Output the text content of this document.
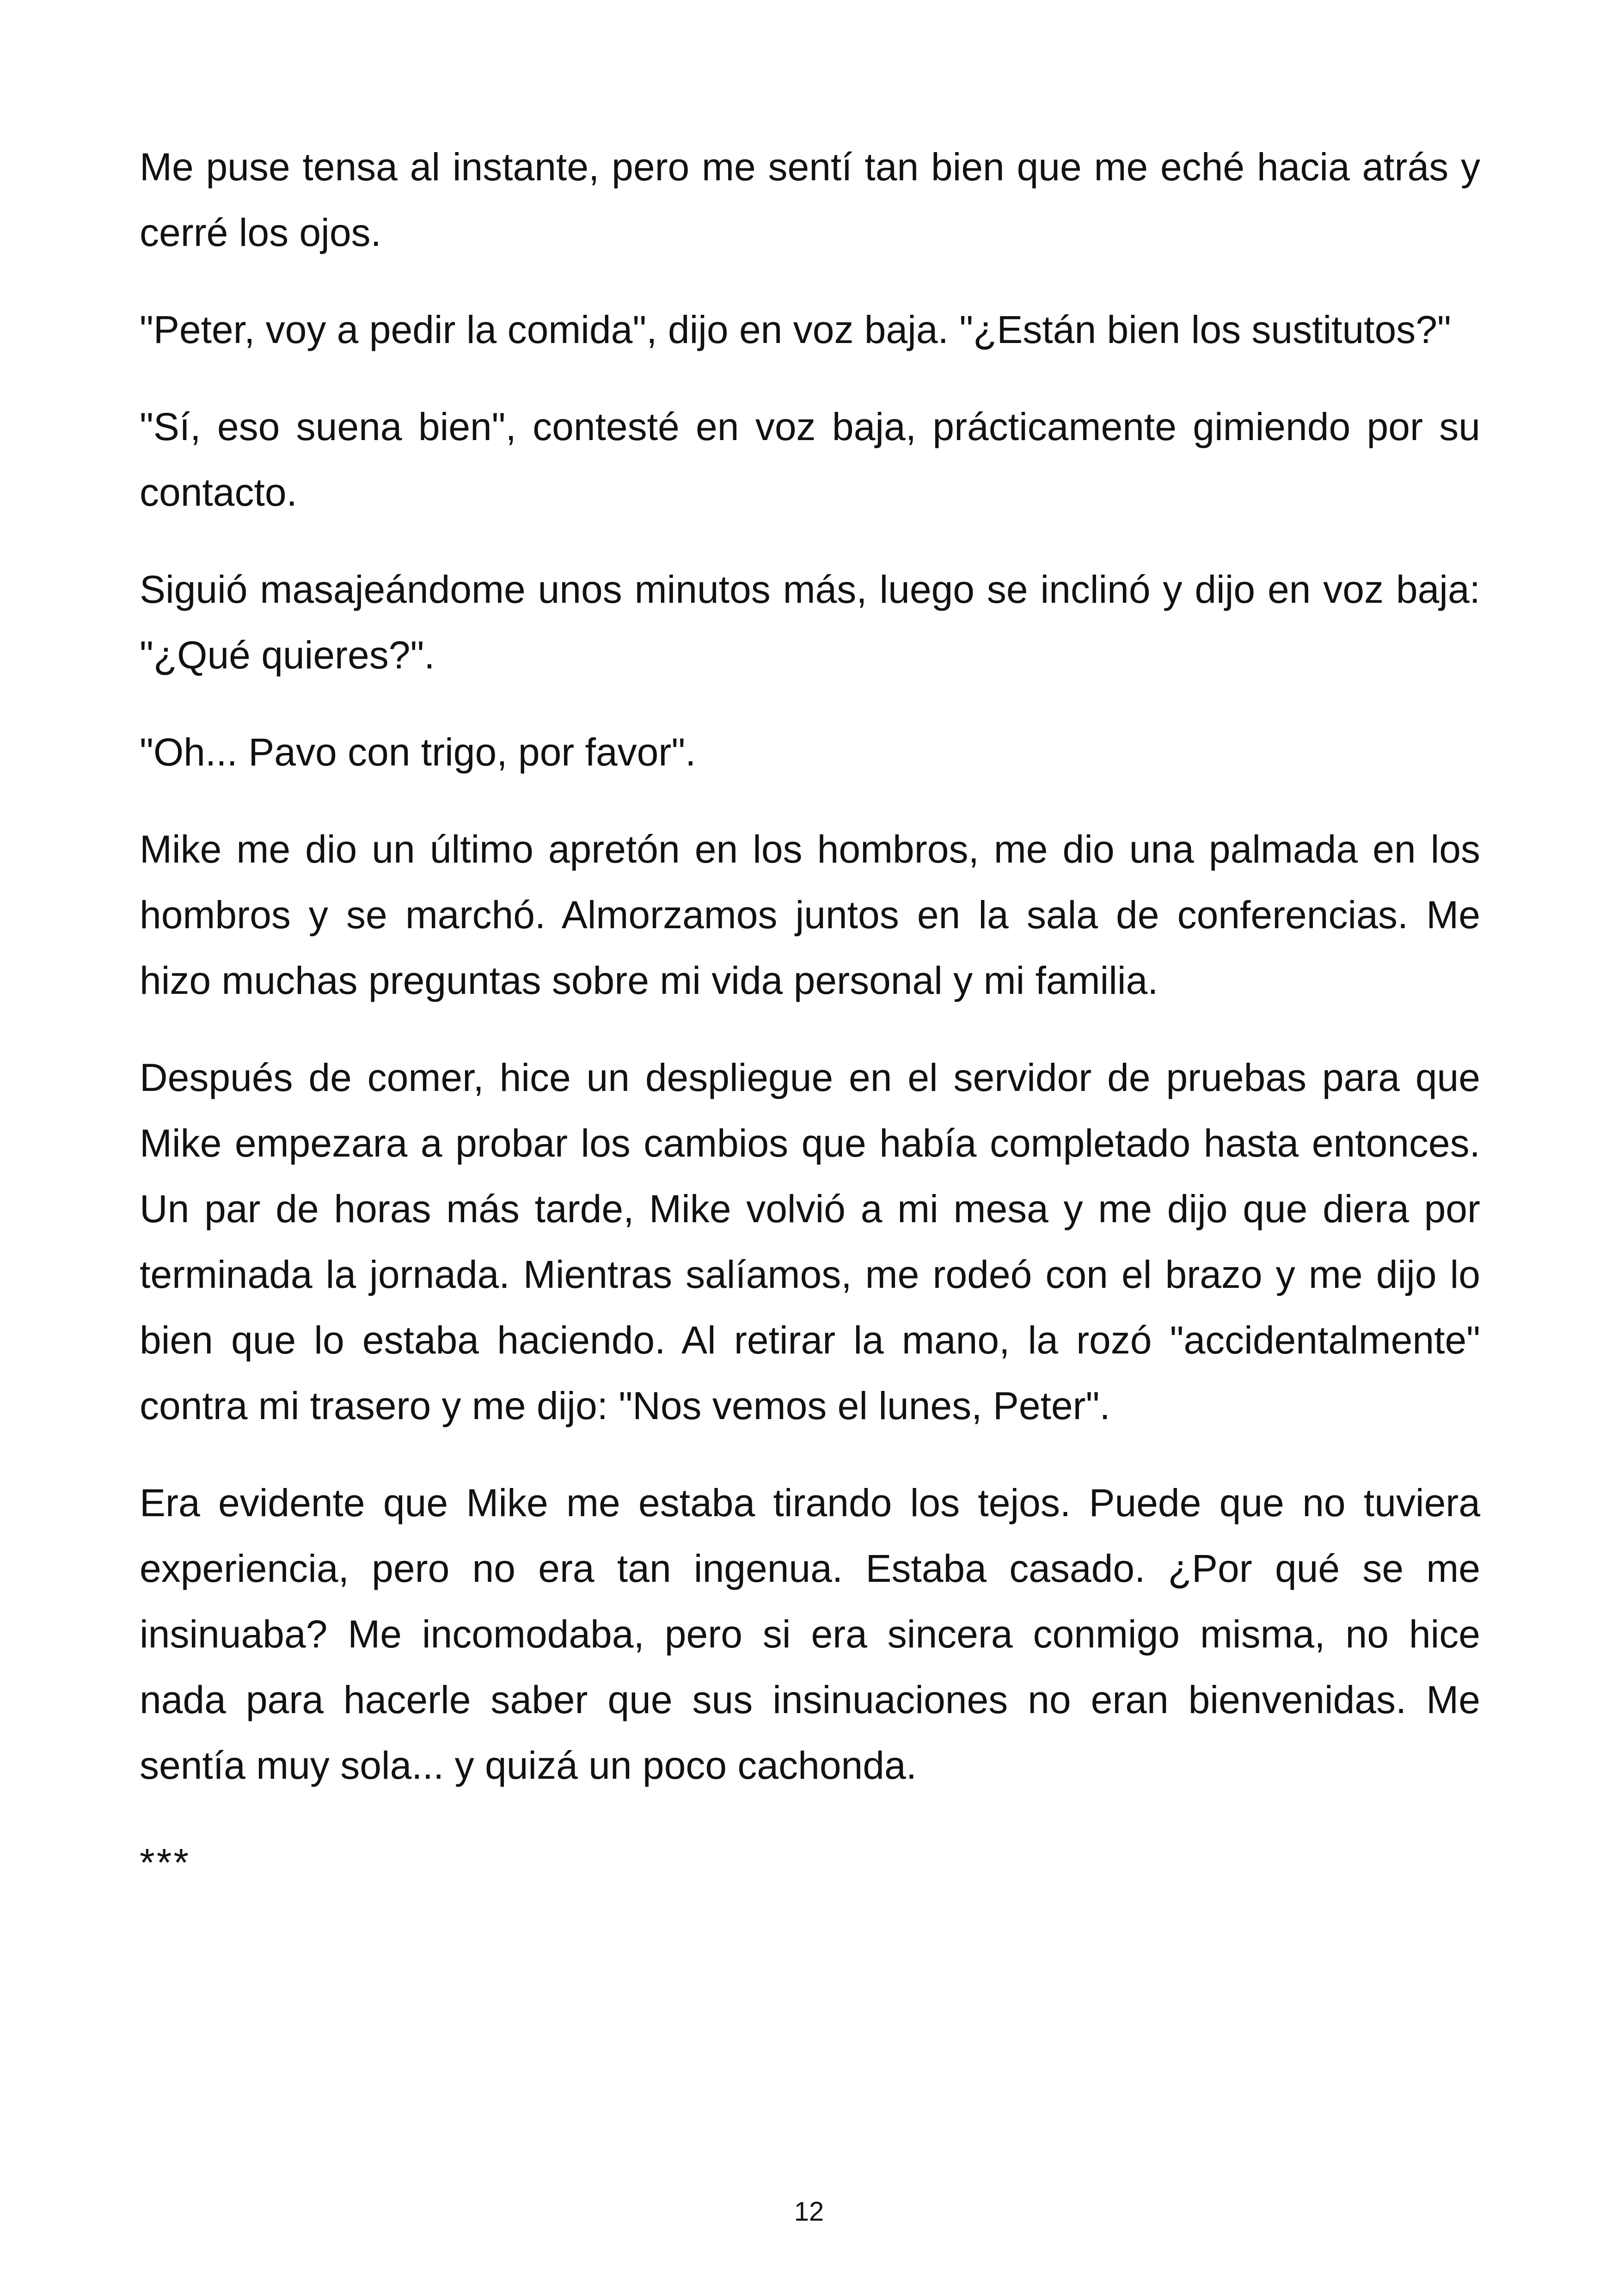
Me puse tensa al instante, pero me sentí tan bien que me eché hacia atrás y cerré los ojos.

"Peter, voy a pedir la comida", dijo en voz baja. "¿Están bien los sustitutos?"

"Sí, eso suena bien", contesté en voz baja, prácticamente gimiendo por su contacto.

Siguió masajeándome unos minutos más, luego se inclinó y dijo en voz baja: "¿Qué quieres?".

"Oh... Pavo con trigo, por favor".

Mike me dio un último apretón en los hombros, me dio una palmada en los hombros y se marchó. Almorzamos juntos en la sala de conferencias. Me hizo muchas preguntas sobre mi vida personal y mi familia.

Después de comer, hice un despliegue en el servidor de pruebas para que Mike empezara a probar los cambios que había completado hasta entonces. Un par de horas más tarde, Mike volvió a mi mesa y me dijo que diera por terminada la jornada. Mientras salíamos, me rodeó con el brazo y me dijo lo bien que lo estaba haciendo. Al retirar la mano, la rozó "accidentalmente" contra mi trasero y me dijo: "Nos vemos el lunes, Peter".

Era evidente que Mike me estaba tirando los tejos. Puede que no tuviera experiencia, pero no era tan ingenua. Estaba casado. ¿Por qué se me insinuaba? Me incomodaba, pero si era sincera conmigo misma, no hice nada para hacerle saber que sus insinuaciones no eran bienvenidas. Me sentía muy sola... y quizá un poco cachonda.

***

12
